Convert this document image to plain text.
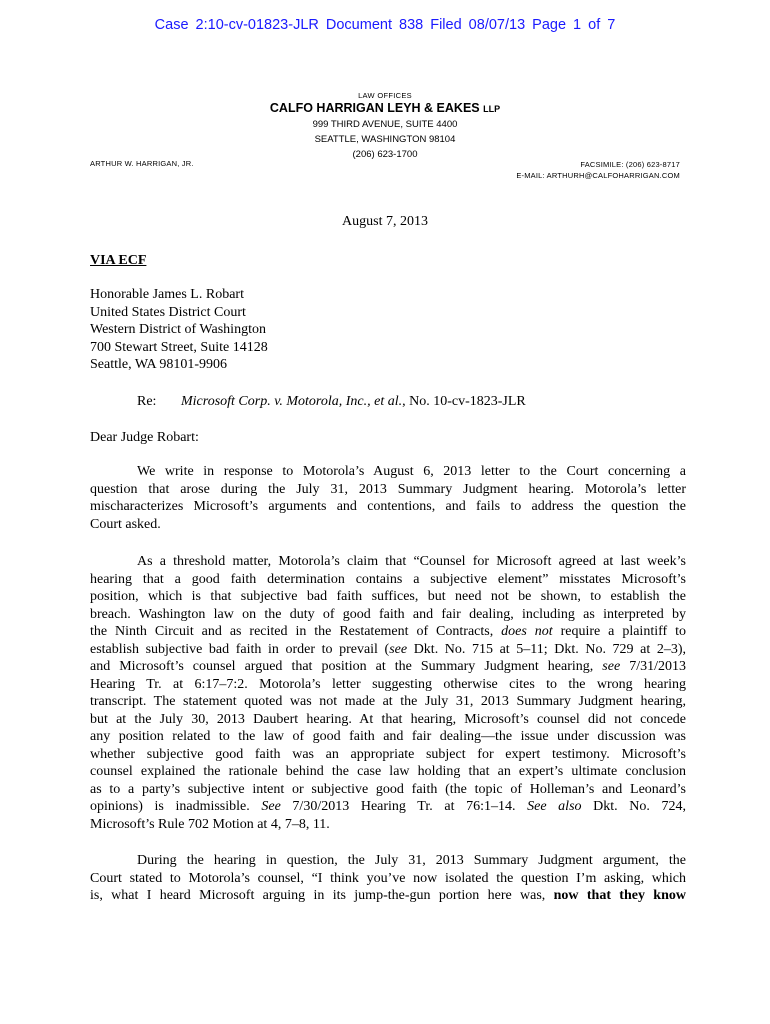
Case 2:10-cv-01823-JLR Document 838 Filed 08/07/13 Page 1 of 7
LAW OFFICES
CALFO HARRIGAN LEYH & EAKES LLP
999 THIRD AVENUE, SUITE 4400
SEATTLE, WASHINGTON 98104
(206) 623-1700
ARTHUR W. HARRIGAN, JR.	FACSIMILE: (206) 623-8717
E-MAIL: ARTHURH@CALFOHARRIGAN.COM
August 7, 2013
VIA ECF
Honorable James L. Robart
United States District Court
Western District of Washington
700 Stewart Street, Suite 14128
Seattle, WA 98101-9906
Re: Microsoft Corp. v. Motorola, Inc., et al., No. 10-cv-1823-JLR
Dear Judge Robart:
We write in response to Motorola’s August 6, 2013 letter to the Court concerning a
question that arose during the July 31, 2013 Summary Judgment hearing. Motorola’s letter
mischaracterizes Microsoft’s arguments and contentions, and fails to address the question the
Court asked.
As a threshold matter, Motorola’s claim that “Counsel for Microsoft agreed at last week’s
hearing that a good faith determination contains a subjective element” misstates Microsoft’s
position, which is that subjective bad faith suffices, but need not be shown, to establish the
breach. Washington law on the duty of good faith and fair dealing, including as interpreted by
the Ninth Circuit and as recited in the Restatement of Contracts, does not require a plaintiff to
establish subjective bad faith in order to prevail (see Dkt. No. 715 at 5–11; Dkt. No. 729 at 2–3),
and Microsoft’s counsel argued that position at the Summary Judgment hearing, see 7/31/2013
Hearing Tr. at 6:17–7:2. Motorola’s letter suggesting otherwise cites to the wrong hearing
transcript. The statement quoted was not made at the July 31, 2013 Summary Judgment hearing,
but at the July 30, 2013 Daubert hearing. At that hearing, Microsoft’s counsel did not concede
any position related to the law of good faith and fair dealing—the issue under discussion was
whether subjective good faith was an appropriate subject for expert testimony. Microsoft’s
counsel explained the rationale behind the case law holding that an expert’s ultimate conclusion
as to a party’s subjective intent or subjective good faith (the topic of Holleman’s and Leonard’s
opinions) is inadmissible. See 7/30/2013 Hearing Tr. at 76:1–14. See also Dkt. No. 724,
Microsoft’s Rule 702 Motion at 4, 7–8, 11.
During the hearing in question, the July 31, 2013 Summary Judgment argument, the
Court stated to Motorola’s counsel, “I think you’ve now isolated the question I’m asking, which
is, what I heard Microsoft arguing in its jump-the-gun portion here was, now that they know
